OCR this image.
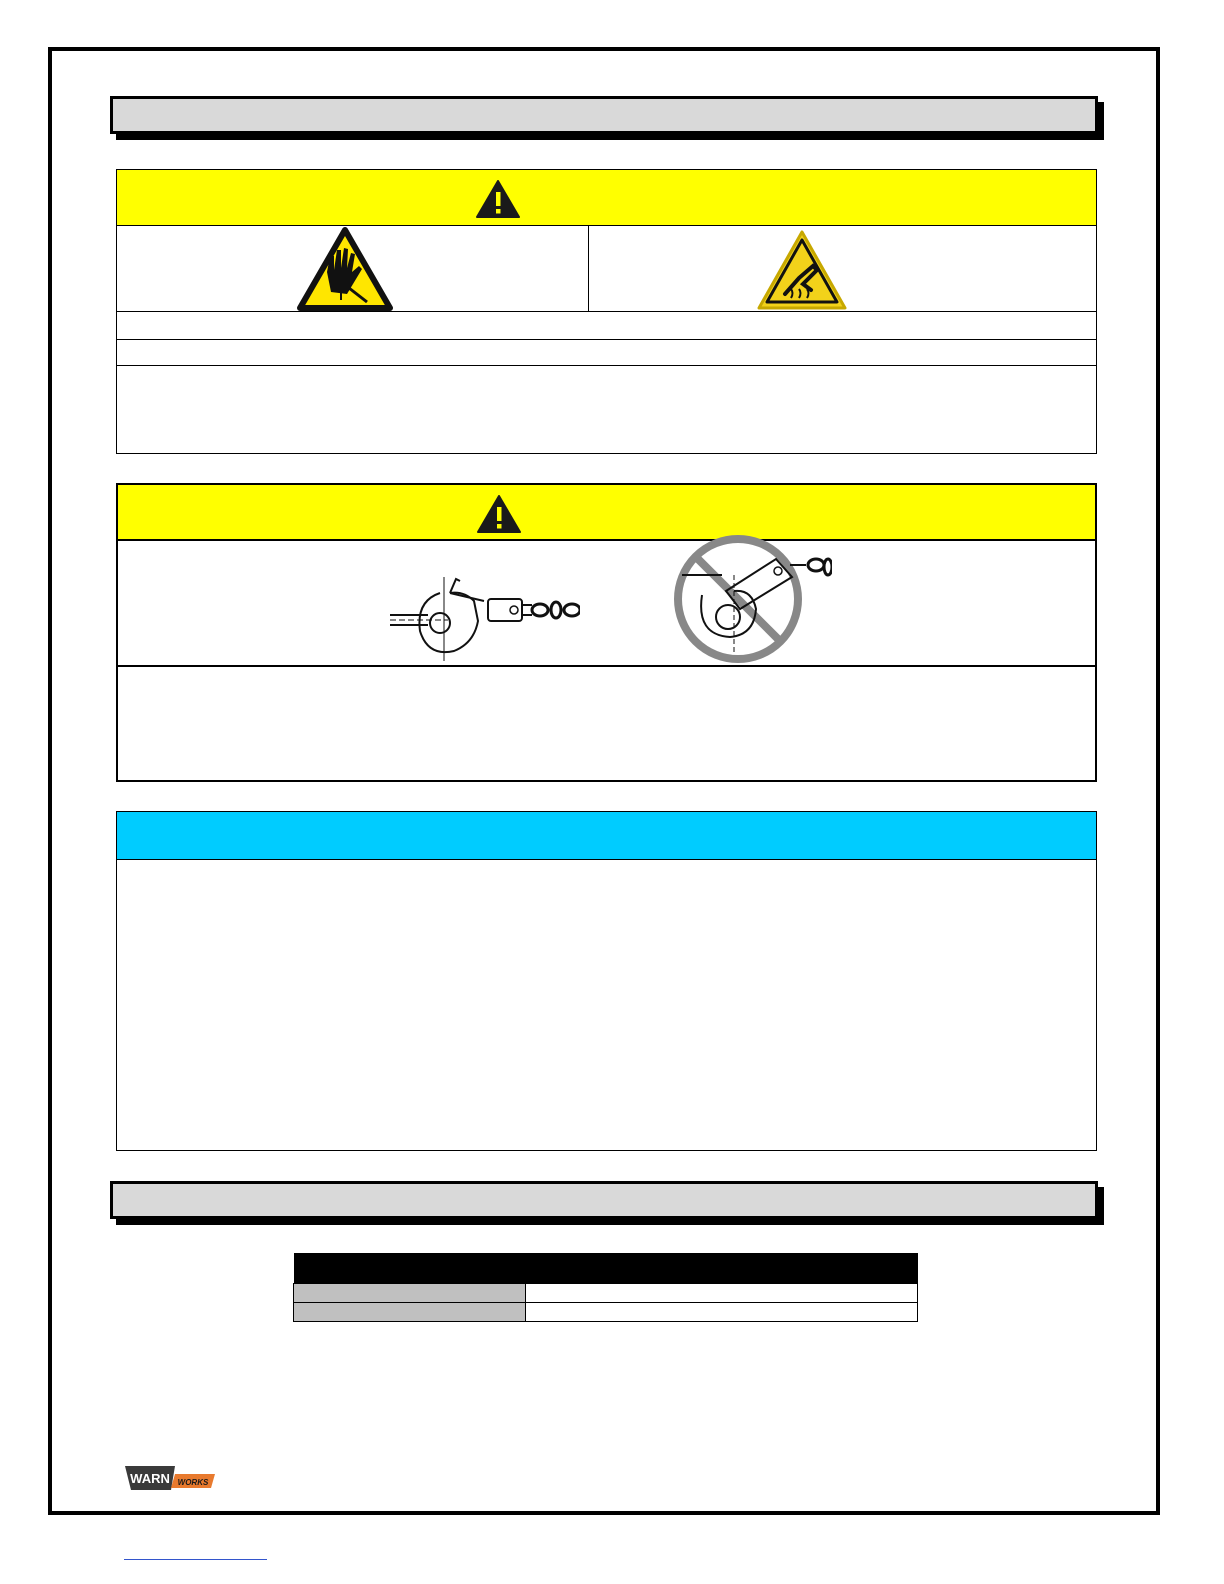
WARN WORKS
